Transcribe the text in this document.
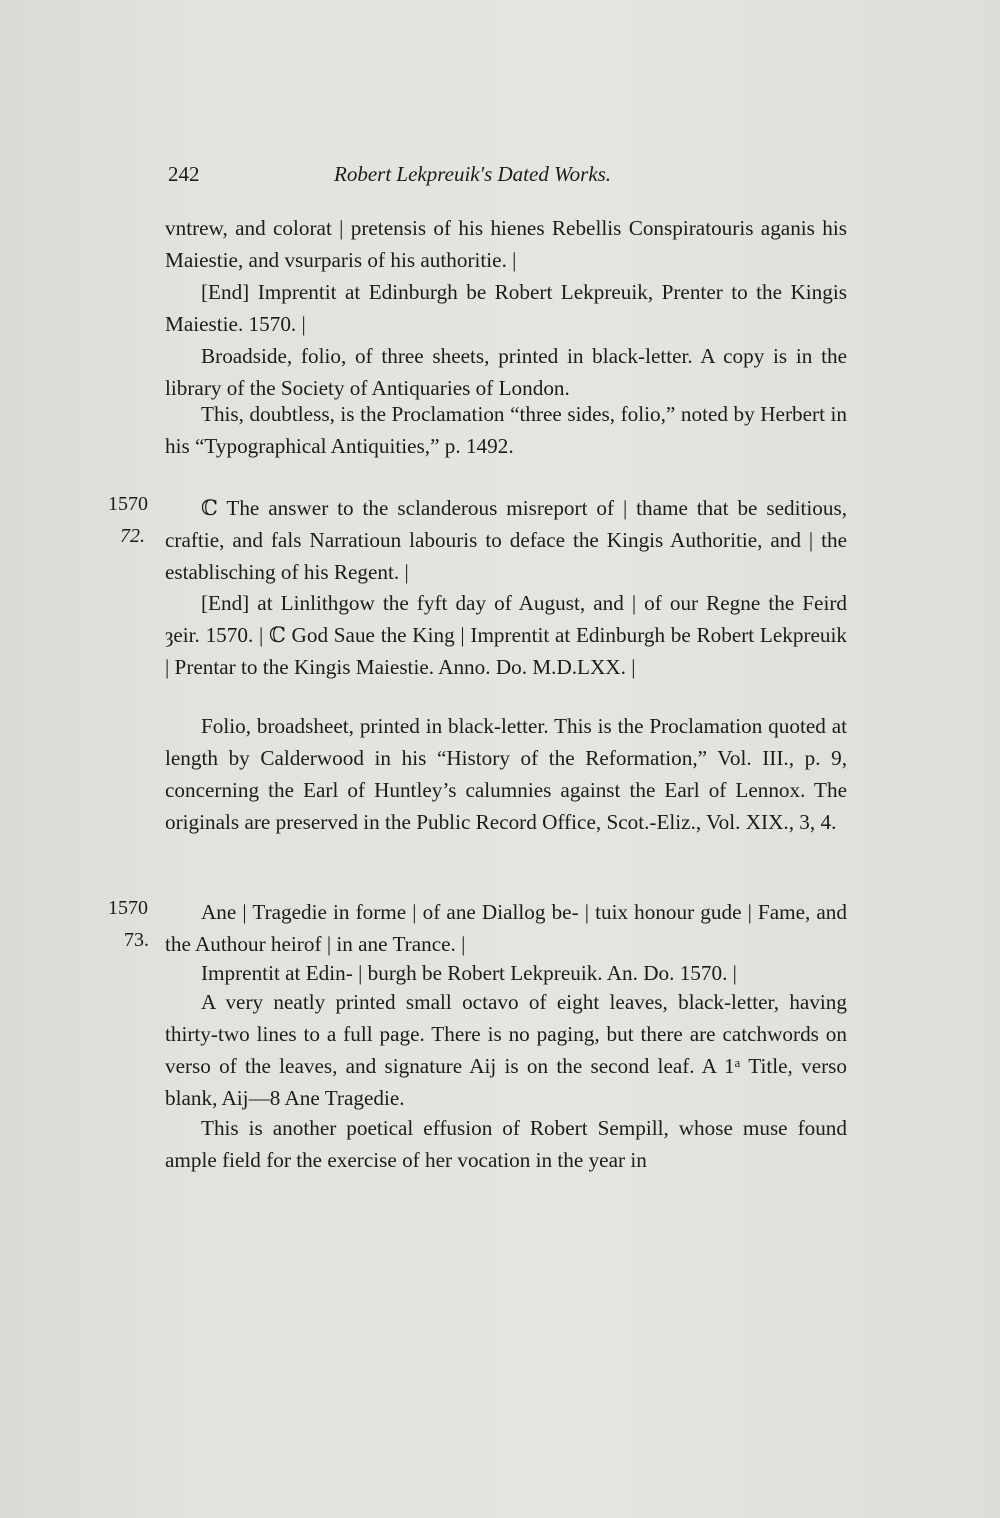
242	Robert Lekpreuik's Dated Works.

vntrew, and colorat | pretensis of his hienes Rebellis Conspiratouris aganis his Maiestie, and vsurparis of his authoritie. |

[End] Imprentit at Edinburgh be Robert Lekpreuik, Prenter to the Kingis Maiestie. 1570. |

Broadside, folio, of three sheets, printed in black-letter. A copy is in the library of the Society of Antiquaries of London.

This, doubtless, is the Proclamation “three sides, folio,” noted by Herbert in his “Typographical Antiquities,” p. 1492.

1570
72.

ℂ The answer to the sclanderous misreport of | thame that be seditious, craftie, and fals Narratioun labouris to deface the Kingis Authoritie, and | the establisching of his Regent. |

[End] at Linlithgow the fyft day of August, and | of our Regne the Feird ȝeir. 1570. | ℂ God Saue the King | Imprentit at Edinburgh be Robert Lekpreuik | Prentar to the Kingis Maiestie. Anno. Do. M.D.LXX. |

Folio, broadsheet, printed in black-letter. This is the Proclamation quoted at length by Calderwood in his “History of the Reformation,” Vol. III., p. 9, concerning the Earl of Huntley’s calumnies against the Earl of Lennox. The originals are preserved in the Public Record Office, Scot.-Eliz., Vol. XIX., 3, 4.

1570
73.

Ane | Tragedie in forme | of ane Diallog be- | tuix honour gude | Fame, and the Authour heirof | in ane Trance. |

Imprentit at Edin- | burgh be Robert Lekpreuik. An. Do. 1570. |

A very neatly printed small octavo of eight leaves, black-letter, having thirty-two lines to a full page. There is no paging, but there are catchwords on verso of the leaves, and signature Aij is on the second leaf. A 1ᵃ Title, verso blank, Aij—8 Ane Tragedie.

This is another poetical effusion of Robert Sempill, whose muse found ample field for the exercise of her vocation in the year in
